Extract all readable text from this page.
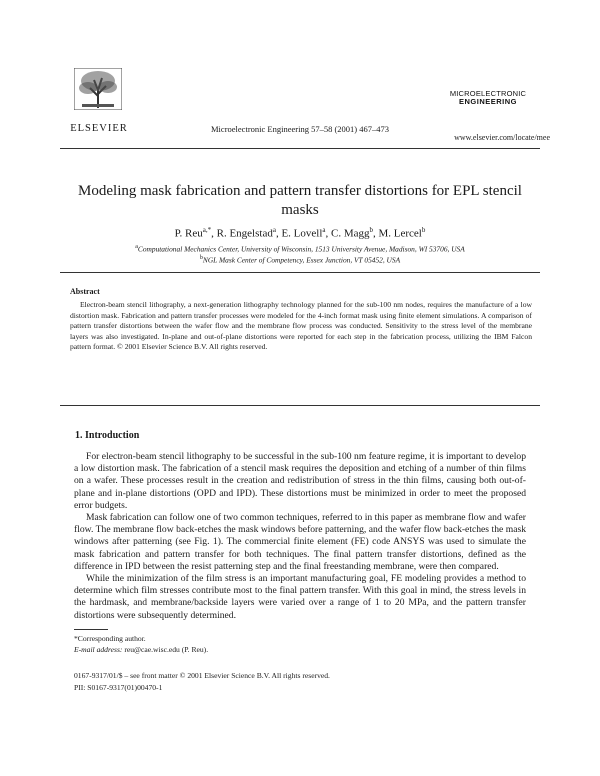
ELSEVIER	Microelectronic Engineering 57–58 (2001) 467–473
MICROELECTRONIC
ENGINEERING
www.elsevier.com/locate/mee
Modeling mask fabrication and pattern transfer distortions for EPL stencil masks
P. Reu$^{a,*}$, R. Engelstad$^a$, E. Lovell$^a$, C. Magg$^b$, M. Lercel$^b$
$^a$Computational Mechanics Center, University of Wisconsin, 1513 University Avenue, Madison, WI 53706, USA
$^b$NGL Mask Center of Competency, Essex Junction, VT 05452, USA
Abstract
Electron-beam stencil lithography, a next-generation lithography technology planned for the sub-100 nm nodes, requires the manufacture of a low distortion mask. Fabrication and pattern transfer processes were modeled for the 4-inch format mask using finite element simulations. A comparison of pattern transfer distortions between the wafer flow and the membrane flow process was conducted. Sensitivity to the stress level of the membrane layers was also investigated. In-plane and out-of-plane distortions were reported for each step in the fabrication process, utilizing the IBM Falcon pattern format. © 2001 Elsevier Science B.V. All rights reserved.
1. Introduction

For electron-beam stencil lithography to be successful in the sub-100 nm feature regime, it is important to develop a low distortion mask. The fabrication of a stencil mask requires the deposition and etching of a number of thin films on a wafer. These processes result in the creation and redistribution of stress in the thin films, causing both out-of-plane and in-plane distortions (OPD and IPD). These distortions must be minimized in order to meet the proposed error budgets.

Mask fabrication can follow one of two common techniques, referred to in this paper as membrane flow and wafer flow. The membrane flow back-etches the mask windows before patterning, and the wafer flow back-etches the mask windows after patterning (see Fig. 1). The commercial finite element (FE) code ANSYS was used to simulate the mask fabrication and pattern transfer for both techniques. The final pattern transfer distortions, defined as the difference in IPD between the resist patterning step and the final freestanding membrane, were then compared.

While the minimization of the film stress is an important manufacturing goal, FE modeling provides a method to determine which film stresses contribute most to the final pattern transfer. With this goal in mind, the stress levels in the hardmask, and membrane/backside layers were varied over a range of 1 to 20 MPa, and the pattern transfer distortions were subsequently determined.

*Corresponding author.
E-mail address: reu@cae.wisc.edu (P. Reu).
0167-9317/01/$ – see front matter © 2001 Elsevier Science B.V. All rights reserved.
PII: S0167-9317(01)00470-1
